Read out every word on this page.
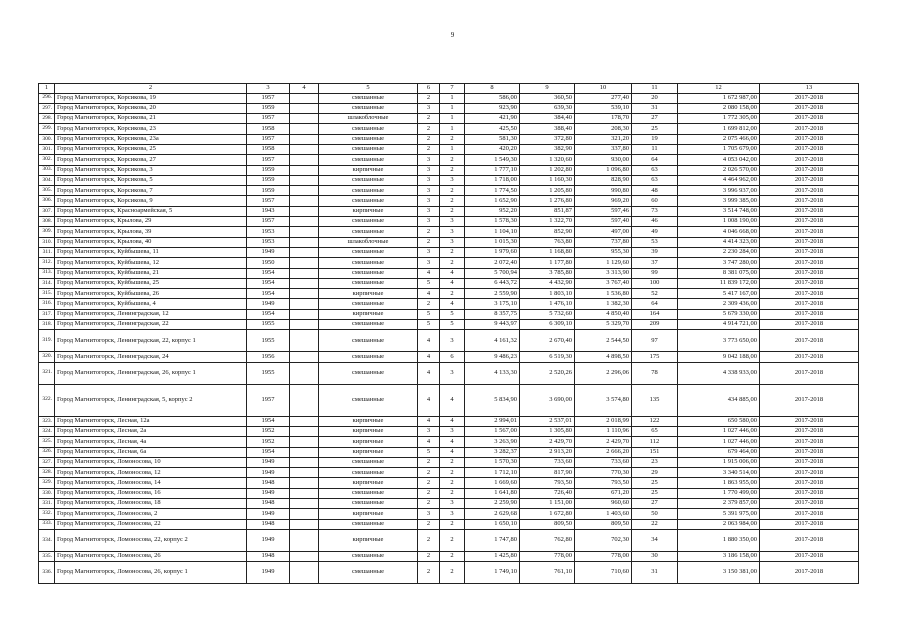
9
1	2	3	4	5	6	7	8	9	10	11	12	13
296.	Город Магнитогорск, Корсикова, 19	1957		смешанные	2	1	586,00	360,50	277,40	20	1 672 987,00	2017-2018
297.	Город Магнитогорск, Корсикова, 20	1959		смешанные	3	1	923,90	639,30	539,10	31	2 080 158,00	2017-2018
298.	Город Магнитогорск, Корсикова, 21	1957		шлакоблочные	2	1	421,90	384,40	178,70	27	1 772 305,00	2017-2018
299.	Город Магнитогорск, Корсикова, 23	1958		смешанные	2	1	425,50	388,40	208,30	25	1 699 812,00	2017-2018
300.	Город Магнитогорск, Корсикова, 23а	1957		смешанные	2	2	581,30	372,80	321,20	19	2 075 466,00	2017-2018
301.	Город Магнитогорск, Корсикова, 25	1958		смешанные	2	1	420,20	382,90	337,80	11	1 705 679,00	2017-2018
302.	Город Магнитогорск, Корсикова, 27	1957		смешанные	3	2	1 549,30	1 320,60	930,00	64	4 053 042,00	2017-2018
303.	Город Магнитогорск, Корсикова, 3	1959		кирпичные	3	2	1 777,10	1 202,80	1 096,80	63	2 026 570,00	2017-2018
304.	Город Магнитогорск, Корсикова, 5	1959		смешанные	3	3	1 718,00	1 160,30	828,90	63	4 464 962,00	2017-2018
305.	Город Магнитогорск, Корсикова, 7	1959		смешанные	3	2	1 774,50	1 205,80	990,80	48	3 996 937,00	2017-2018
306.	Город Магнитогорск, Корсикова, 9	1957		смешанные	3	2	1 652,90	1 276,80	969,20	60	3 999 385,00	2017-2018
307.	Город Магнитогорск, Красноармейская, 5	1943		кирпичные	3	2	952,20	851,87	597,46	73	3 514 748,00	2017-2018
308.	Город Магнитогорск, Крылова, 29	1957		смешанные	3	3	1 578,30	1 322,70	597,40	46	1 008 190,00	2017-2018
309.	Город Магнитогорск, Крылова, 39	1953		смешанные	2	3	1 104,10	852,90	497,00	49	4 046 668,00	2017-2018
310.	Город Магнитогорск, Крылова, 40	1953		шлакоблочные	2	3	1 015,30	763,80	737,80	53	4 414 323,00	2017-2018
311.	Город Магнитогорск, Куйбышева, 11	1949		смешанные	3	2	1 979,60	1 168,80	955,30	39	2 230 284,00	2017-2018
312.	Город Магнитогорск, Куйбышева, 12	1950		смешанные	3	2	2 072,40	1 177,80	1 129,60	37	3 747 280,00	2017-2018
313.	Город Магнитогорск, Куйбышева, 21	1954		смешанные	4	4	5 700,94	3 785,80	3 313,90	99	8 381 075,00	2017-2018
314.	Город Магнитогорск, Куйбышева, 25	1954		смешанные	5	4	6 443,72	4 432,90	3 767,40	100	11 839 172,00	2017-2018
315.	Город Магнитогорск, Куйбышева, 26	1954		кирпичные	4	2	2 559,90	1 803,10	1 536,80	52	5 417 167,00	2017-2018
316.	Город Магнитогорск, Куйбышева, 4	1949		смешанные	2	4	3 175,10	1 476,10	1 382,30	64	2 309 436,00	2017-2018
317.	Город Магнитогорск, Ленинградская, 12	1954		кирпичные	5	5	8 357,75	5 732,60	4 850,40	164	5 679 330,00	2017-2018
318.	Город Магнитогорск, Ленинградская, 22	1955		смешанные	5	5	9 443,97	6 309,10	5 329,70	209	4 914 721,00	2017-2018
319.	Город Магнитогорск, Ленинградская, 22, корпус 1	1955		смешанные	4	3	4 161,32	2 670,40	2 544,50	97	3 773 650,00	2017-2018
320.	Город Магнитогорск, Ленинградская, 24	1956		смешанные	4	6	9 486,23	6 519,30	4 898,50	175	9 042 188,00	2017-2018
321.	Город Магнитогорск, Ленинградская, 26, корпус 1	1955		смешанные	4	3	4 133,30	2 520,26	2 296,06	78	4 338 933,00	2017-2018
322.	Город Магнитогорск, Ленинградская, 5, корпус 2	1957		смешанные	4	4	5 834,90	3 690,00	3 574,80	135	434 885,00	2017-2018
323.	Город Магнитогорск, Лесная, 12а	1954		кирпичные	4	4	2 994,01	2 537,01	2 018,99	122	650 580,00	2017-2018
324.	Город Магнитогорск, Лесная, 2а	1952		кирпичные	3	3	1 567,00	1 305,80	1 110,96	65	1 027 446,00	2017-2018
325.	Город Магнитогорск, Лесная, 4а	1952		кирпичные	4	4	3 263,90	2 429,70	2 429,70	112	1 027 446,00	2017-2018
326.	Город Магнитогорск, Лесная, 6а	1954		кирпичные	5	4	3 282,37	2 913,20	2 666,20	151	679 464,00	2017-2018
327.	Город Магнитогорск, Ломоносова, 10	1949		смешанные	2	2	1 570,30	733,60	733,60	23	1 915 006,00	2017-2018
328.	Город Магнитогорск, Ломоносова, 12	1949		смешанные	2	2	1 712,10	817,90	770,30	29	3 340 514,00	2017-2018
329.	Город Магнитогорск, Ломоносова, 14	1948		кирпичные	2	2	1 669,60	793,50	793,50	25	1 863 955,00	2017-2018
330.	Город Магнитогорск, Ломоносова, 16	1949		смешанные	2	2	1 641,80	726,40	671,20	25	1 770 499,00	2017-2018
331.	Город Магнитогорск, Ломоносова, 18	1948		смешанные	2	3	2 259,90	1 151,00	960,60	27	2 379 857,00	2017-2018
332.	Город Магнитогорск, Ломоносова, 2	1949		кирпичные	3	3	2 629,68	1 672,80	1 403,60	50	5 391 975,00	2017-2018
333.	Город Магнитогорск, Ломоносова, 22	1948		смешанные	2	2	1 650,10	809,50	809,50	22	2 063 984,00	2017-2018
334.	Город Магнитогорск, Ломоносова, 22, корпус 2	1949		кирпичные	2	2	1 747,80	762,80	702,30	34	1 880 350,00	2017-2018
335.	Город Магнитогорск, Ломоносова, 26	1948		смешанные	2	2	1 425,80	778,00	778,00	30	3 186 158,00	2017-2018
336.	Город Магнитогорск, Ломоносова, 26, корпус 1	1949		смешанные	2	2	1 749,10	761,10	710,60	31	3 150 381,00	2017-2018
